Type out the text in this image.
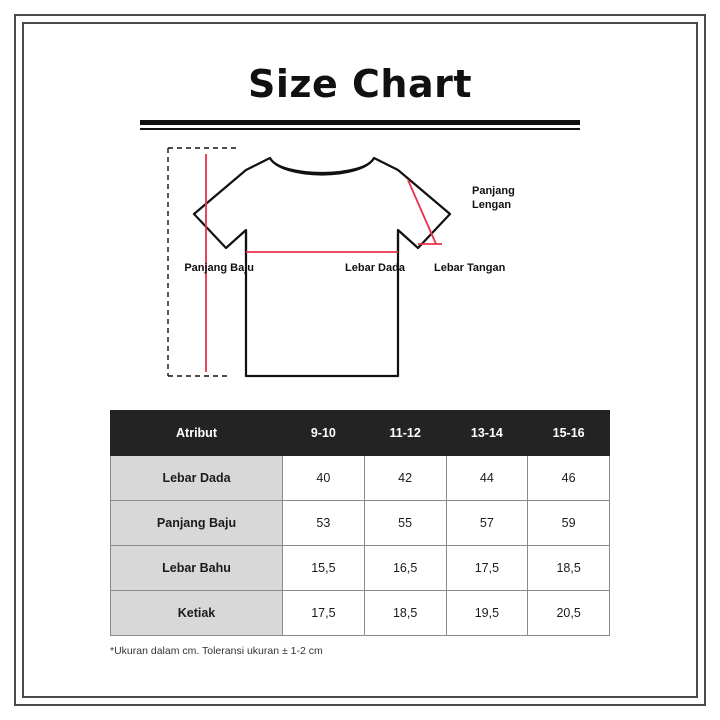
Size Chart
Panjang Baju
Panjang
Lengan
Lebar Dada	Lebar Tangan
Atribut	9-10	11-12	13-14	15-16
Lebar Dada	40	42	44	46
Panjang Baju	53	55	57	59
Lebar Bahu	15,5	16,5	17,5	18,5
Ketiak	17,5	18,5	19,5	20,5
*Ukuran dalam cm. Toleransi ukuran ± 1-2 cm
